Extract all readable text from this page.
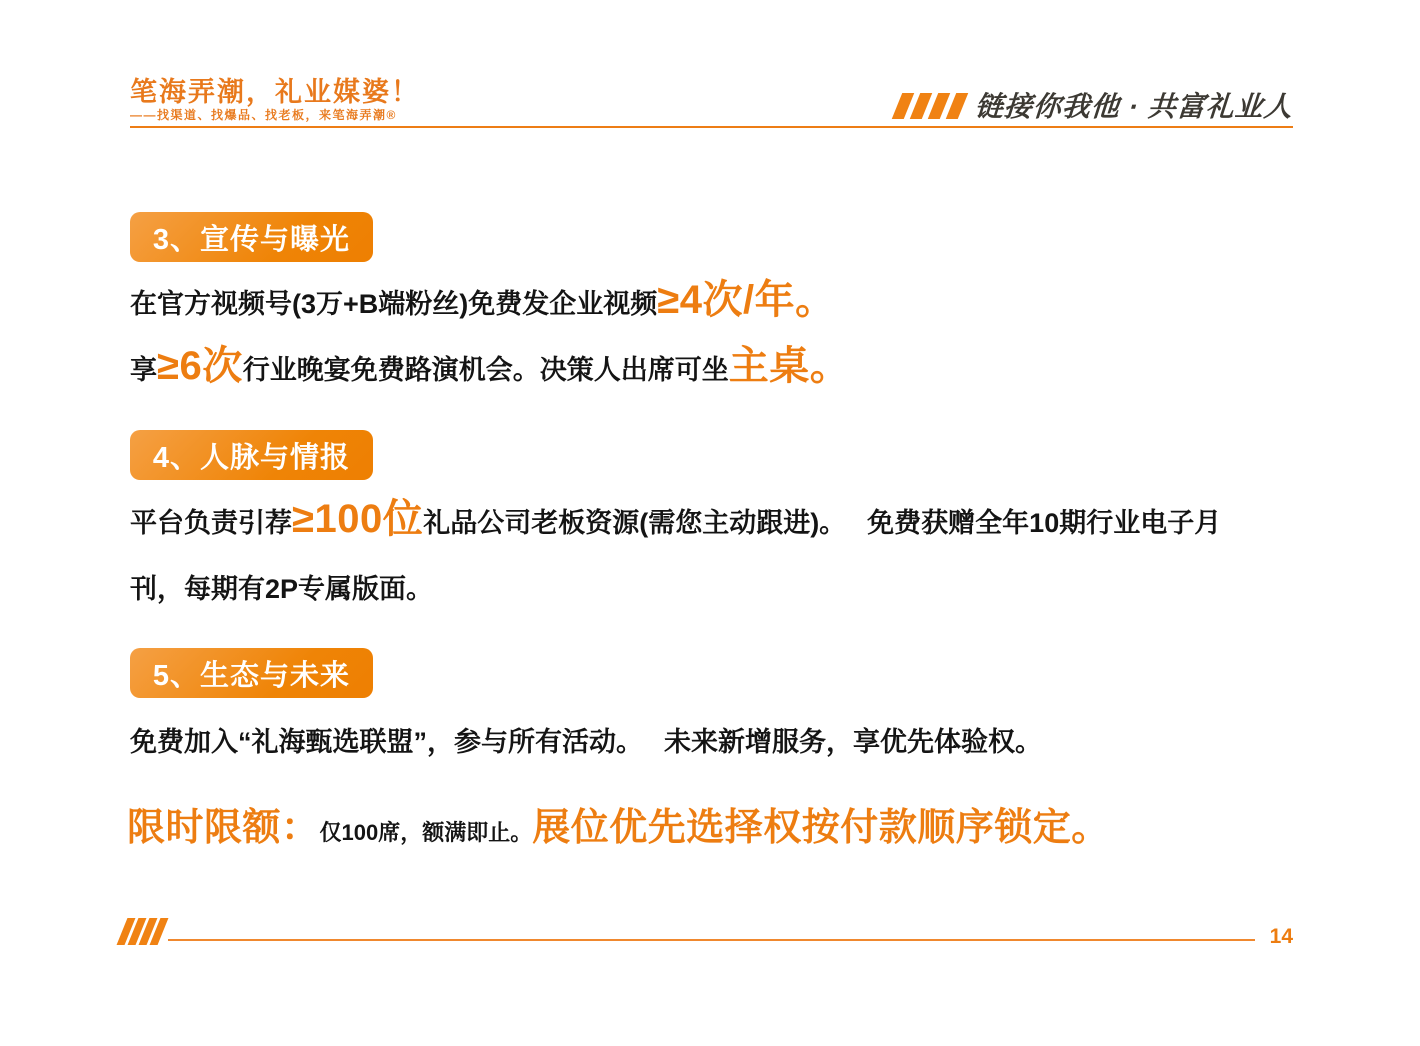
笔海弄潮，礼业媒婆！
——找渠道、找爆品、找老板，来笔海弄潮®	链接你我他 · 共富礼业人
3、宣传与曝光
在官方视频号(3万+B端粉丝)免费发企业视频≥4次/年。
享≥6次行业晚宴免费路演机会。决策人出席可坐主桌。
4、人脉与情报
平台负责引荐≥100位礼品公司老板资源(需您主动跟进)。　 免费获赠全年10期行业电子月
刊，每期有2P专属版面。
5、生态与未来
免费加入“礼海甄选联盟”，参与所有活动。　 未来新增服务，享优先体验权。
限时限额：仅100席，额满即止。展位优先选择权按付款顺序锁定。
14
